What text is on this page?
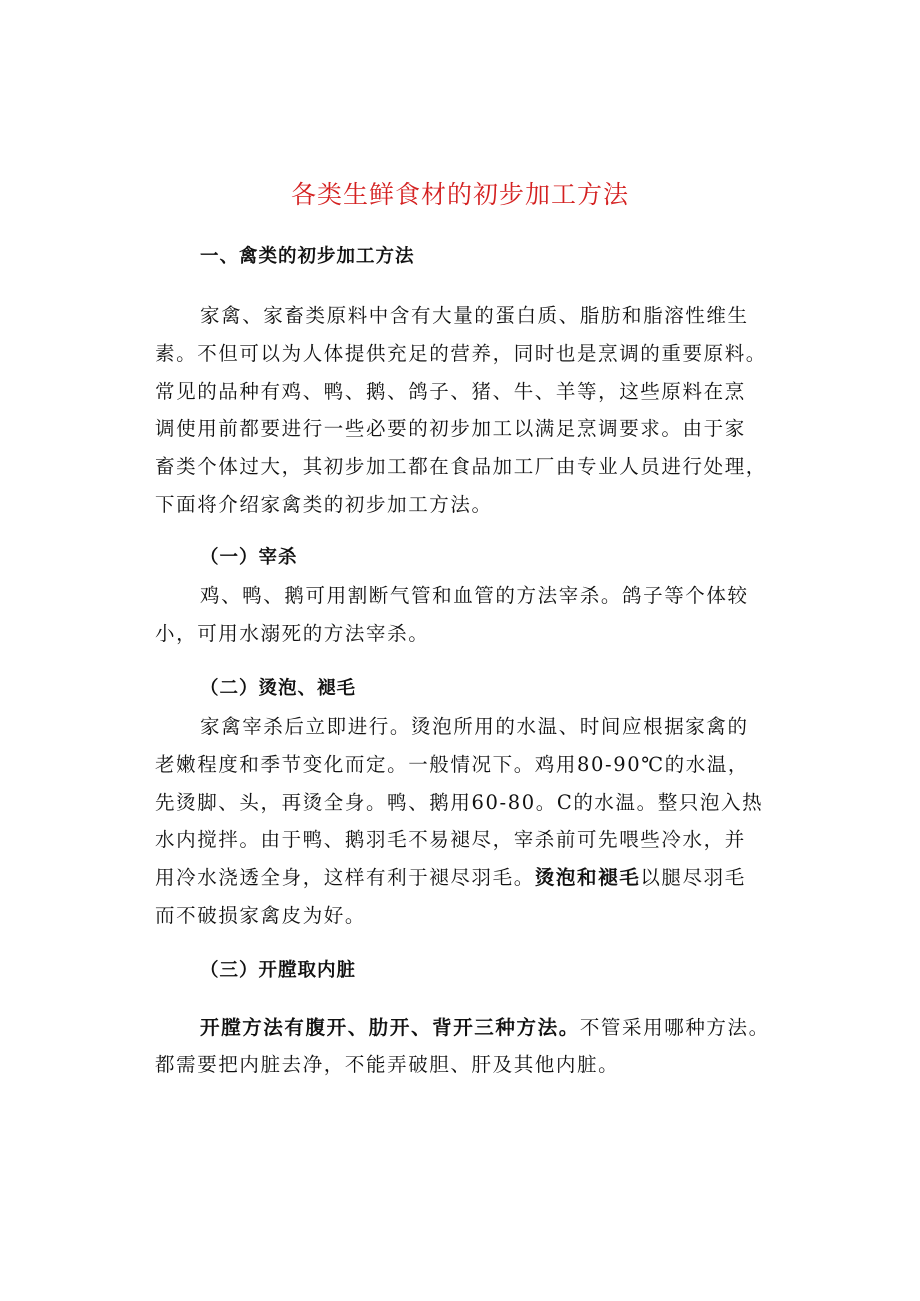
各类生鲜食材的初步加工方法
一、禽类的初步加工方法
家禽、家畜类原料中含有大量的蛋白质、脂肪和脂溶性维生
素。不但可以为人体提供充足的营养，同时也是烹调的重要原料。
常见的品种有鸡、鸭、鹅、鸽子、猪、牛、羊等，这些原料在烹
调使用前都要进行一些必要的初步加工以满足烹调要求。由于家
畜类个体过大，其初步加工都在食品加工厂由专业人员进行处理，
下面将介绍家禽类的初步加工方法。
（一）宰杀
鸡、鸭、鹅可用割断气管和血管的方法宰杀。鸽子等个体较
小，可用水溺死的方法宰杀。
（二）烫泡、褪毛
家禽宰杀后立即进行。烫泡所用的水温、时间应根据家禽的
老嫩程度和季节变化而定。一般情况下。鸡用80-90℃的水温，
先烫脚、头，再烫全身。鸭、鹅用60-80。C的水温。整只泡入热
水内搅拌。由于鸭、鹅羽毛不易褪尽，宰杀前可先喂些冷水，并
用冷水浇透全身，这样有利于褪尽羽毛。烫泡和褪毛以腿尽羽毛
而不破损家禽皮为好。
（三）开膛取内脏
开膛方法有腹开、肋开、背开三种方法。不管采用哪种方法。
都需要把内脏去净，不能弄破胆、肝及其他内脏。
